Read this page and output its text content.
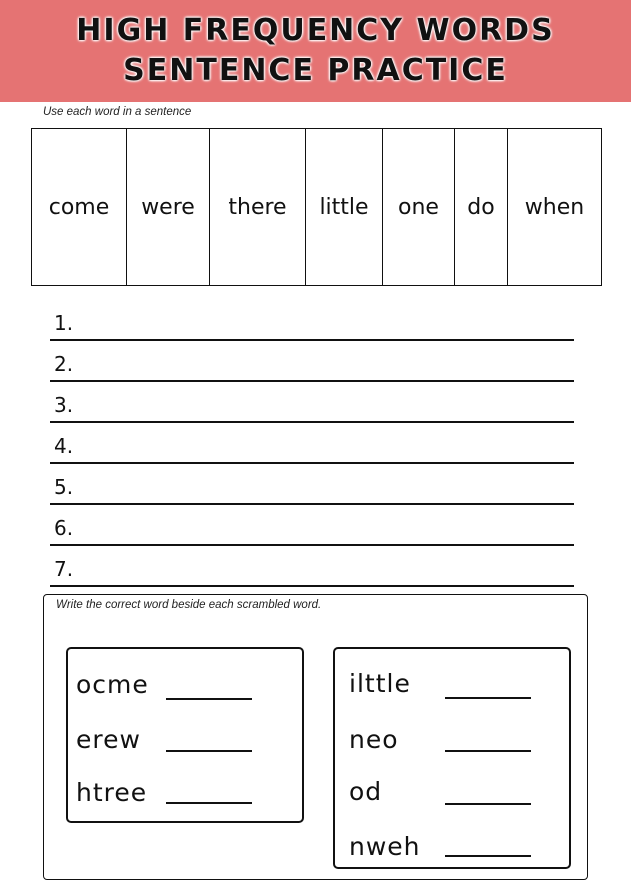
HIGH FREQUENCY WORDS
SENTENCE PRACTICE
Use each word in a sentence
come	were	there	little	one	do	when
1.
2.
3.
4.
5.
6.
7.
Write the correct word beside each scrambled word.
ocme
erew
htree
ilttle
neo
od
nweh
